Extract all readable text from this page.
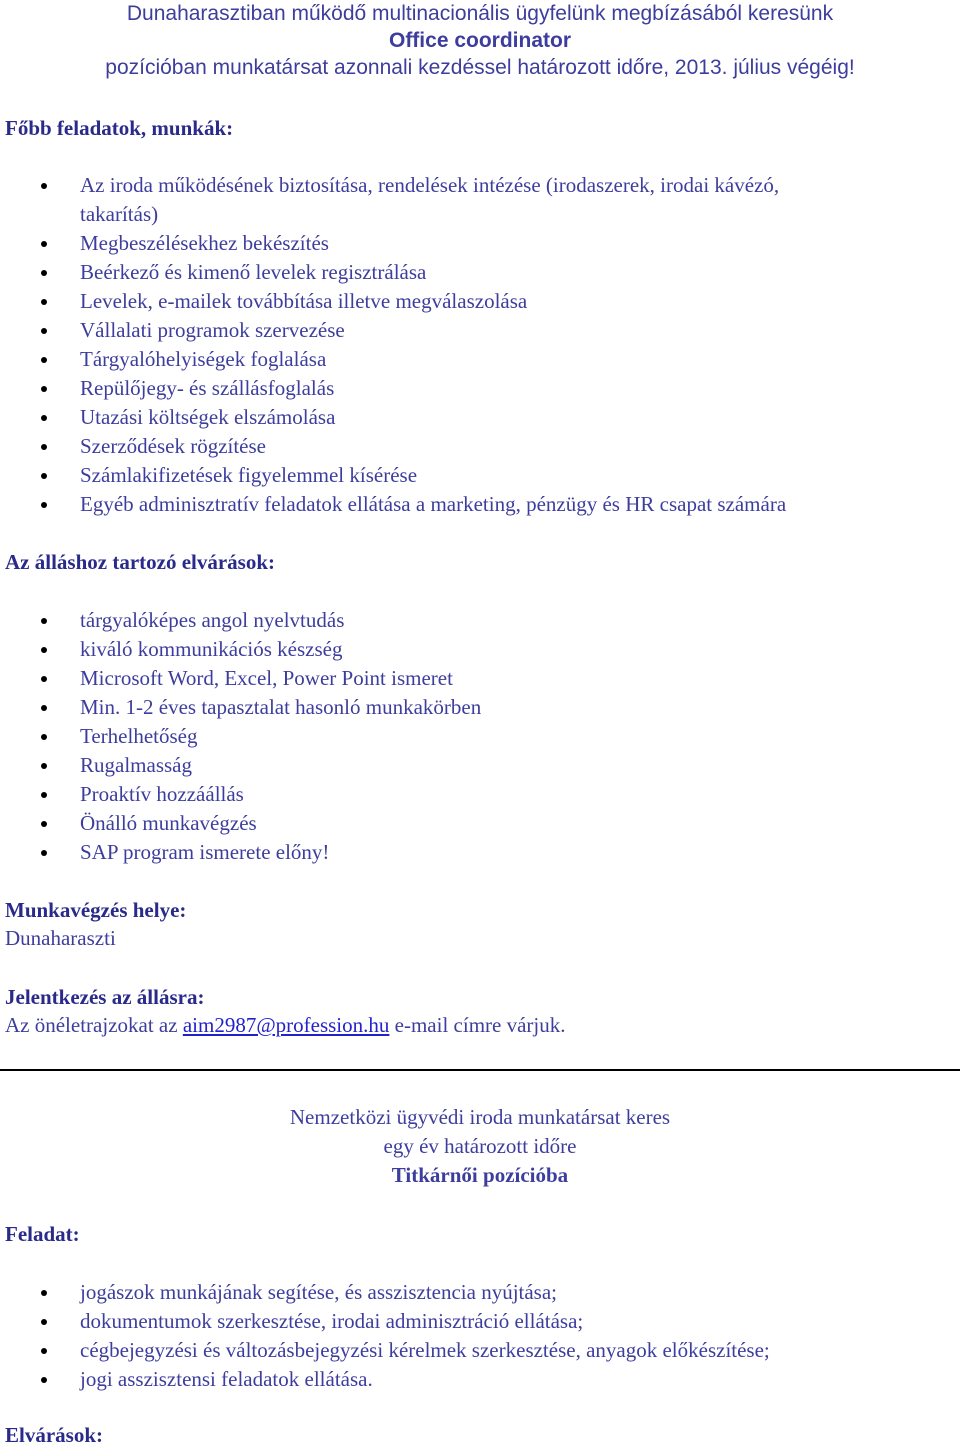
Dunaharasztiban működő multinacionális ügyfelünk megbízásából keresünk
Office coordinator
pozícióban munkatársat azonnali kezdéssel határozott időre, 2013. július végéig!
Főbb feladatok, munkák:
Az iroda működésének biztosítása, rendelések intézése (irodaszerek, irodai kávézó,
takarítás)
Megbeszélésekhez bekészítés
Beérkező és kimenő levelek regisztrálása
Levelek, e-mailek továbbítása illetve megválaszolása
Vállalati programok szervezése
Tárgyalóhelyiségek foglalása
Repülőjegy- és szállásfoglalás
Utazási költségek elszámolása
Szerződések rögzítése
Számlakifizetések figyelemmel kísérése
Egyéb adminisztratív feladatok ellátása a marketing, pénzügy és HR csapat számára
Az álláshoz tartozó elvárások:
tárgyalóképes angol nyelvtudás
kiváló kommunikációs készség
Microsoft Word, Excel, Power Point ismeret
Min. 1-2 éves tapasztalat hasonló munkakörben
Terhelhetőség
Rugalmasság
Proaktív hozzáállás
Önálló munkavégzés
SAP program ismerete előny!
Munkavégzés helye:
Dunaharaszti
Jelentkezés az állásra:
Az önéletrajzokat az aim2987@profession.hu e-mail címre várjuk.
Nemzetközi ügyvédi iroda munkatársat keres
egy év határozott időre
Titkárnői pozícióba
Feladat:
jogászok munkájának segítése, és asszisztencia nyújtása;
dokumentumok szerkesztése, irodai adminisztráció ellátása;
cégbejegyzési és változásbejegyzési kérelmek szerkesztése, anyagok előkészítése;
jogi asszisztensi feladatok ellátása.
Elvárások:
